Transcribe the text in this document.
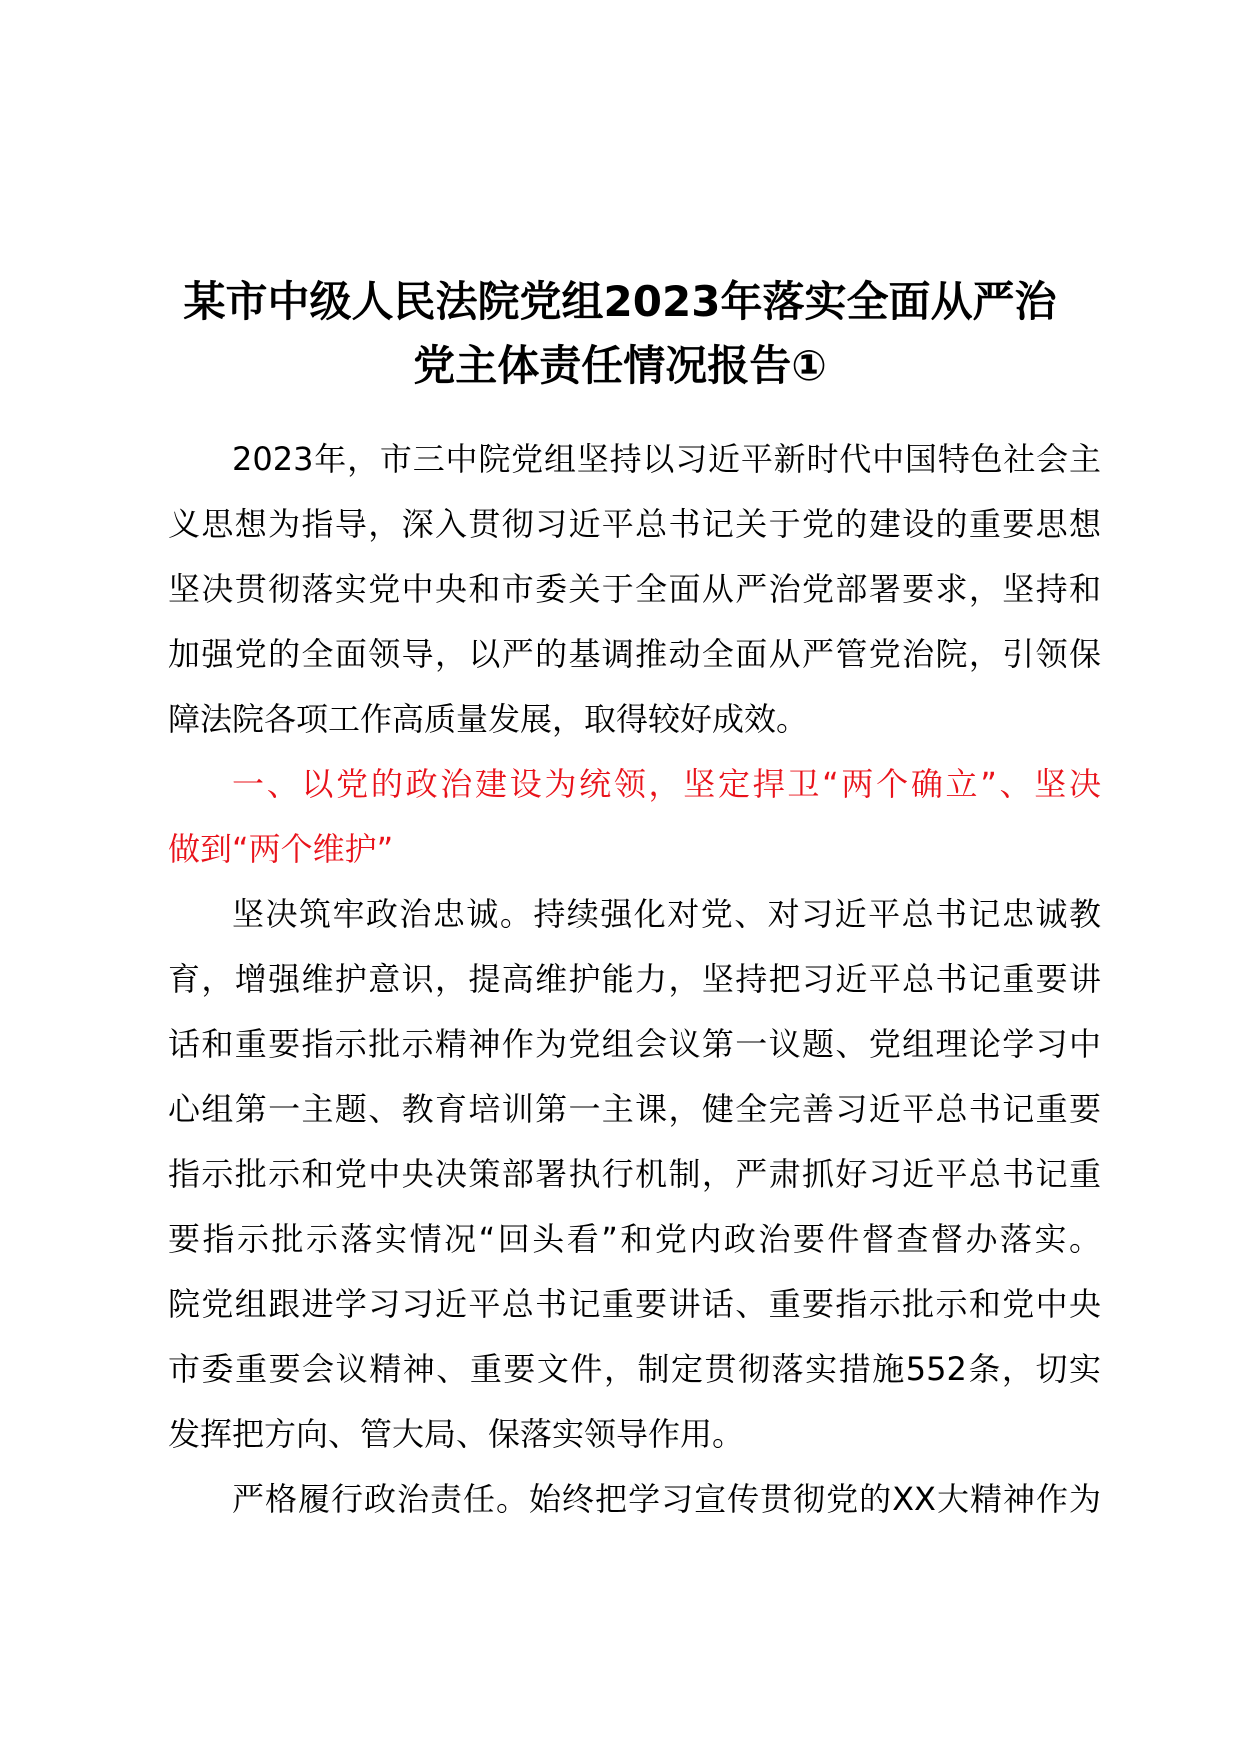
某市中级人民法院党组2023年落实全面从严治
党主体责任情况报告①
2023年，市三中院党组坚持以习近平新时代中国特色社会主
义思想为指导，深入贯彻习近平总书记关于党的建设的重要思想
坚决贯彻落实党中央和市委关于全面从严治党部署要求，坚持和
加强党的全面领导，以严的基调推动全面从严管党治院，引领保
障法院各项工作高质量发展，取得较好成效。
一、以党的政治建设为统领，坚定捍卫“两个确立”、坚决
做到“两个维护”
坚决筑牢政治忠诚。持续强化对党、对习近平总书记忠诚教
育，增强维护意识，提高维护能力，坚持把习近平总书记重要讲
话和重要指示批示精神作为党组会议第一议题、党组理论学习中
心组第一主题、教育培训第一主课，健全完善习近平总书记重要
指示批示和党中央决策部署执行机制，严肃抓好习近平总书记重
要指示批示落实情况“回头看”和党内政治要件督查督办落实。
院党组跟进学习习近平总书记重要讲话、重要指示批示和党中央
市委重要会议精神、重要文件，制定贯彻落实措施552条，切实
发挥把方向、管大局、保落实领导作用。
严格履行政治责任。始终把学习宣传贯彻党的XX大精神作为
